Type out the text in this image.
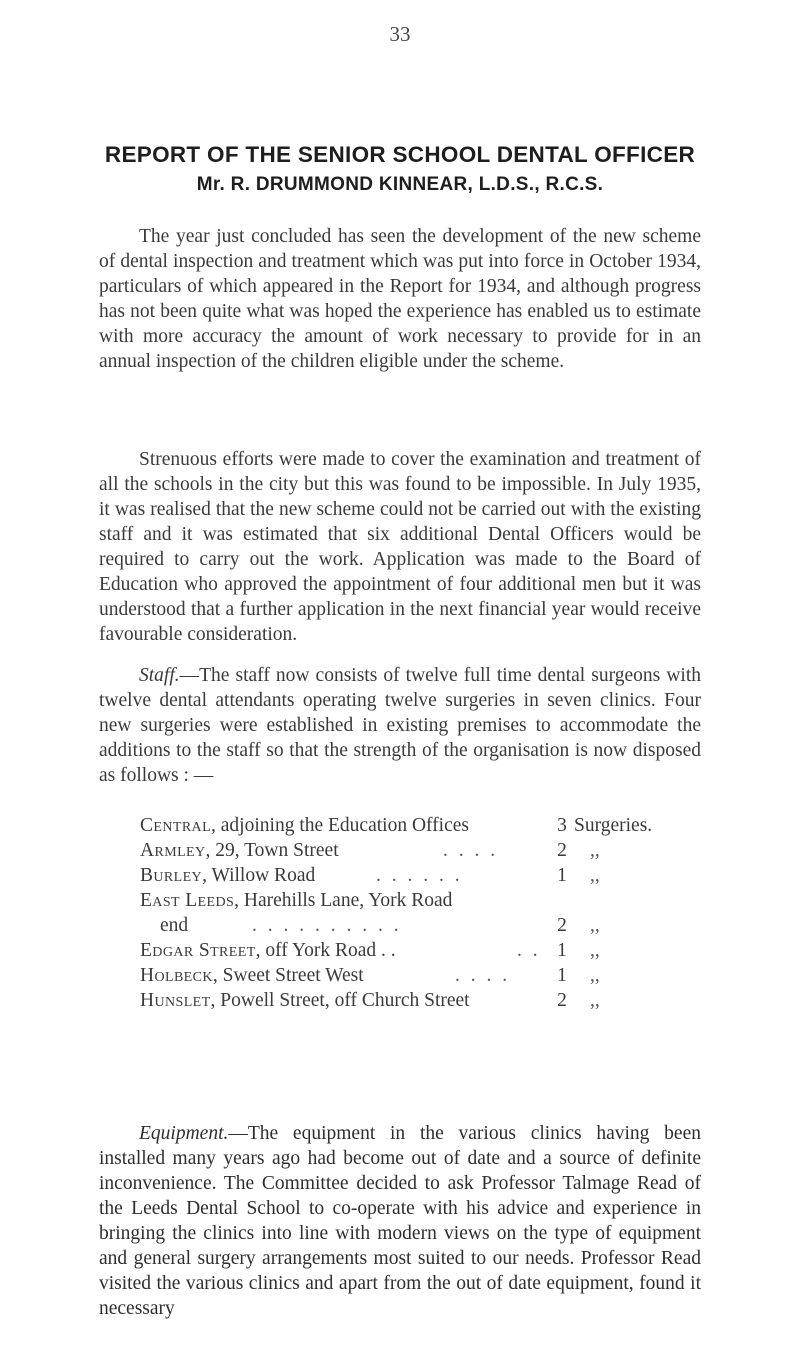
33
REPORT OF THE SENIOR SCHOOL DENTAL OFFICER
Mr. R. DRUMMOND KINNEAR, L.D.S., R.C.S.

The year just concluded has seen the development of the new scheme of dental inspection and treatment which was put into force in October 1934, particulars of which appeared in the Report for 1934, and although progress has not been quite what was hoped the experience has enabled us to estimate with more accuracy the amount of work necessary to provide for in an annual inspection of the children eligible under the scheme.

Strenuous efforts were made to cover the examination and treatment of all the schools in the city but this was found to be impossible. In July 1935, it was realised that the new scheme could not be carried out with the existing staff and it was estimated that six additional Dental Officers would be required to carry out the work. Application was made to the Board of Education who approved the appointment of four additional men but it was understood that a further application in the next financial year would receive favourable consideration.

Staff.—The staff now consists of twelve full time dental surgeons with twelve dental attendants operating twelve surgeries in seven clinics. Four new surgeries were established in existing premises to accommodate the additions to the staff so that the strength of the organisation is now disposed as follows : —

Central, adjoining the Education Offices	3 Surgeries.
Armley, 29, Town Street	. . . .	2 ,,
Burley, Willow Road	. . . . . .	1 ,,
East Leeds, Harehills Lane, York Road
end	. . . . . . . . . .	2 ,,
Edgar Street, off York Road . .	. . 1 ,,
Holbeck, Sweet Street West	. . . . 1 ,,
Hunslet, Powell Street, off Church Street	2 ,,

Equipment.—The equipment in the various clinics having been installed many years ago had become out of date and a source of definite inconvenience. The Committee decided to ask Professor Talmage Read of the Leeds Dental School to co-operate with his advice and experience in bringing the clinics into line with modern views on the type of equipment and general surgery arrangements most suited to our needs. Professor Read visited the various clinics and apart from the out of date equipment, found it necessary
